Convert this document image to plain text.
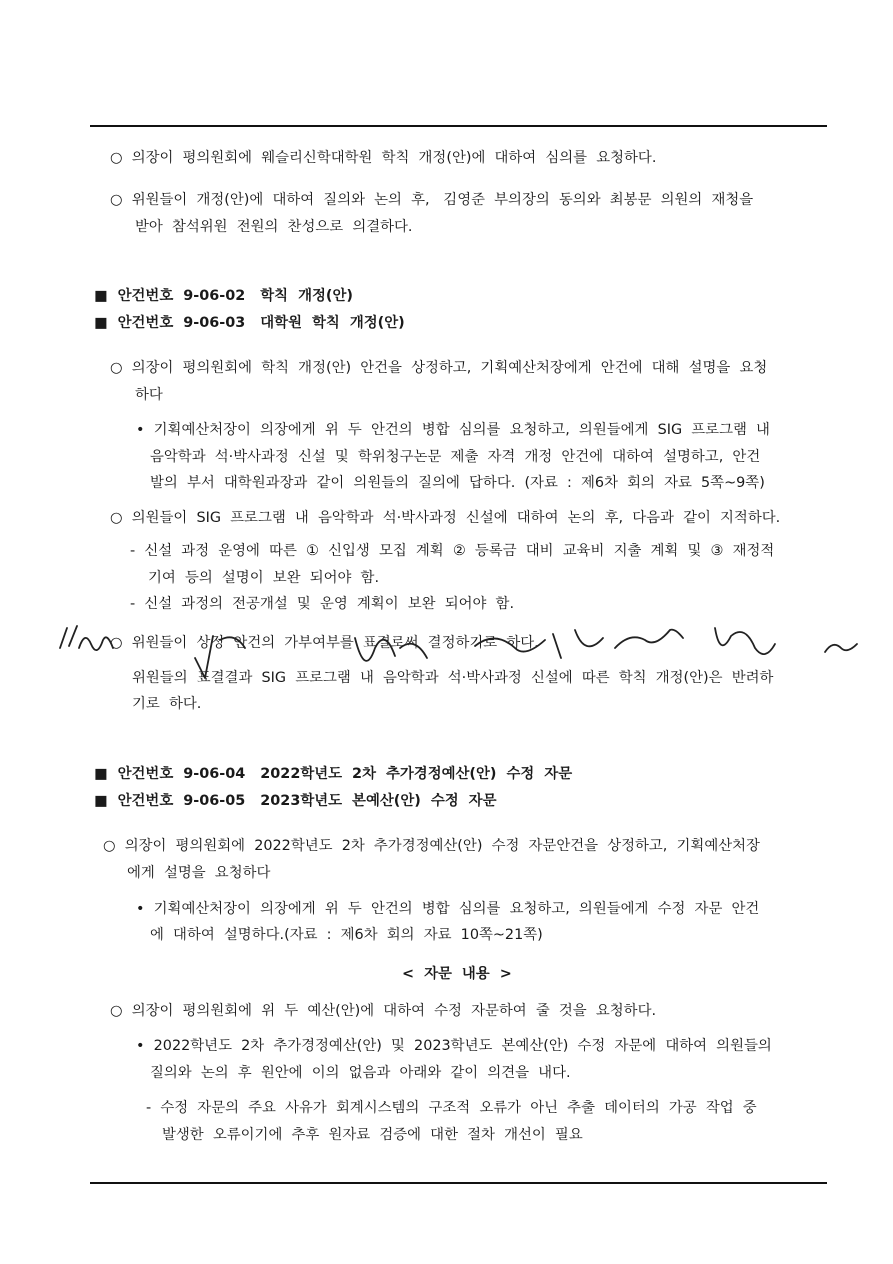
○  의장이  평의원회에  웨슬리신학대학원  학칙  개정(안)에  대하여  심의를  요청하다.
○  위원들이  개정(안)에  대하여  질의와  논의  후,   김영준  부의장의  동의와  최봉문  의원의  재청을
받아  참석위원  전원의  찬성으로  의결하다.
■  안건번호  9-06-02   학칙  개정(안)
■  안건번호  9-06-03   대학원  학칙  개정(안)
○  의장이  평의원회에  학칙  개정(안)  안건을  상정하고,  기획예산처장에게  안건에  대해  설명을  요청
하다
•  기획예산처장이  의장에게  위  두  안건의  병합  심의를  요청하고,  의원들에게  SIG  프로그램  내
음악학과  석·박사과정  신설  및  학위청구논문  제출  자격  개정  안건에  대하여  설명하고,  안건
발의  부서  대학원과장과  같이  의원들의  질의에  답하다.  (자료  :  제6차  회의  자료  5쪽~9쪽)
○  의원들이  SIG  프로그램  내  음악학과  석·박사과정  신설에  대하여  논의  후,  다음과  같이  지적하다.
-  신설  과정  운영에  따른  ①  신입생  모집  계획  ②  등록금  대비  교육비  지출  계획  및  ③  재정적
기여  등의  설명이  보완  되어야  함.
-  신설  과정의  전공개설  및  운영  계획이  보완  되어야  함.
○  위원들이  상정  안건의  가부여부를  표결로써  결정하기로  하다.
위원들의  표결결과  SIG  프로그램  내  음악학과  석·박사과정  신설에  따른  학칙  개정(안)은  반려하
기로  하다.
■  안건번호  9-06-04   2022학년도  2차  추가경정예산(안)  수정  자문
■  안건번호  9-06-05   2023학년도  본예산(안)  수정  자문
○  의장이  평의원회에  2022학년도  2차  추가경정예산(안)  수정  자문안건을  상정하고,  기획예산처장
에게  설명을  요청하다
•  기획예산처장이  의장에게  위  두  안건의  병합  심의를  요청하고,  의원들에게  수정  자문  안건
에  대하여  설명하다.(자료  :  제6차  회의  자료  10쪽~21쪽)
<  자문  내용  >
○  의장이  평의원회에  위  두  예산(안)에  대하여  수정  자문하여  줄  것을  요청하다.
•  2022학년도  2차  추가경정예산(안)  및  2023학년도  본예산(안)  수정  자문에  대하여  의원들의
질의와  논의  후  원안에  이의  없음과  아래와  같이  의견을  내다.
-  수정  자문의  주요  사유가  회계시스템의  구조적  오류가  아닌  추출  데이터의  가공  작업  중
발생한  오류이기에  추후  원자료  검증에  대한  절차  개선이  필요
